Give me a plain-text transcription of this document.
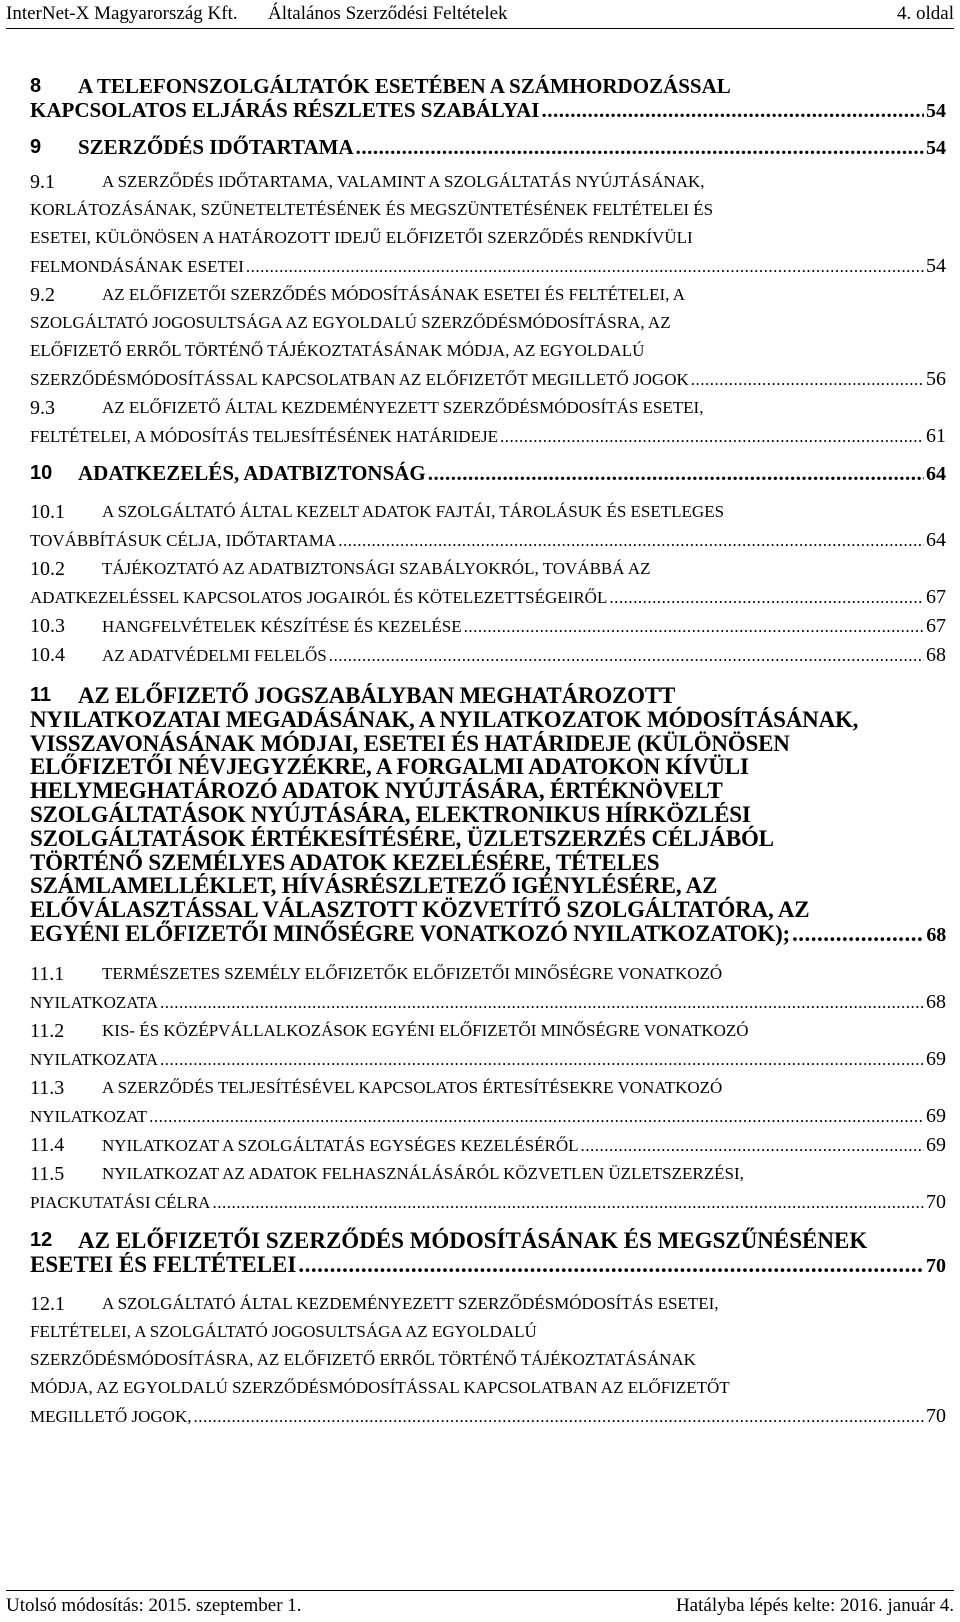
InterNet-X Magyarország Kft. Általános Szerződési Feltételek	4. oldal
8 A TELEFONSZOLGÁLTATÓK ESETÉBEN A SZÁMHORDOZÁSSAL
KAPCSOLATOS ELJÁRÁS RÉSZLETES SZABÁLYAI .....	54
9 SZERZŐDÉS IDŐTARTAMA .....	54
9.1	A SZERZŐDÉS IDŐTARTAMA, VALAMINT A SZOLGÁLTATÁS NYÚJTÁSÁNAK,
KORLÁTOZÁSÁNAK, SZÜNETELTETÉSÉNEK ÉS MEGSZÜNTETÉSÉNEK FELTÉTELEI ÉS
ESETEI, KÜLÖNÖSEN A HATÁROZOTT IDEJŰ ELŐFIZETŐI SZERZŐDÉS RENDKÍVÜLI
FELMONDÁSÁNAK ESETEI .....	54
9.2	AZ ELŐFIZETŐI SZERZŐDÉS MÓDOSÍTÁSÁNAK ESETEI ÉS FELTÉTELEI, A
SZOLGÁLTATÓ JOGOSULTSÁGA AZ EGYOLDALÚ SZERZŐDÉSMÓDOSÍTÁSRA, AZ
ELŐFIZETŐ ERRŐL TÖRTÉNŐ TÁJÉKOZTATÁSÁNAK MÓDJA, AZ EGYOLDALÚ
SZERZŐDÉSMÓDOSÍTÁSSAL KAPCSOLATBAN AZ ELŐFIZETŐT MEGILLETŐ JOGOK .....	56
9.3	AZ ELŐFIZETŐ ÁLTAL KEZDEMÉNYEZETT SZERZŐDÉSMÓDOSÍTÁS ESETEI,
FELTÉTELEI, A MÓDOSÍTÁS TELJESÍTÉSÉNEK HATÁRIDEJE .....	61
10 ADATKEZELÉS, ADATBIZTONSÁG .....	64
10.1	A SZOLGÁLTATÓ ÁLTAL KEZELT ADATOK FAJTÁI, TÁROLÁSUK ÉS ESETLEGES
TOVÁBBÍTÁSUK CÉLJA, IDŐTARTAMA .....	64
10.2	TÁJÉKOZTATÓ AZ ADATBIZTONSÁGI SZABÁLYOKRÓL, TOVÁBBÁ AZ
ADATKEZELÉSSEL KAPCSOLATOS JOGAIRÓL ÉS KÖTELEZETTSÉGEIRŐL .....	67
10.3 HANGFELVÉTELEK KÉSZÍTÉSE ÉS KEZELÉSE .....	67
10.4 AZ ADATVÉDELMI FELELŐS .....	68
11	AZ ELŐFIZETŐ JOGSZABÁLYBAN MEGHATÁROZOTT
NYILATKOZATAI MEGADÁSÁNAK, A NYILATKOZATOK MÓDOSÍTÁSÁNAK,
VISSZAVONÁSÁNAK MÓDJAI, ESETEI ÉS HATÁRIDEJE (KÜLÖNÖSEN
ELŐFIZETŐI NÉVJEGYZÉKRE, A FORGALMI ADATOKON KÍVÜLI
HELYMEGHATÁROZÓ ADATOK NYÚJTÁSÁRA, ÉRTÉKNÖVELT
SZOLGÁLTATÁSOK NYÚJTÁSÁRA, ELEKTRONIKUS HÍRKÖZLÉSI
SZOLGÁLTATÁSOK ÉRTÉKESÍTÉSÉRE, ÜZLETSZERZÉS CÉLJÁBÓL
TÖRTÉNŐ SZEMÉLYES ADATOK KEZELÉSÉRE, TÉTELES
SZÁMLAMELLÉKLET, HÍVÁSRÉSZLETEZŐ IGÉNYLÉSÉRE, AZ
ELŐVÁLASZTÁSSAL VÁLASZTOTT KÖZVETÍTŐ SZOLGÁLTATÓRA, AZ
EGYÉNI ELŐFIZETŐI MINŐSÉGRE VONATKOZÓ NYILATKOZATOK); .....	68
11.1	TERMÉSZETES SZEMÉLY ELŐFIZETŐK ELŐFIZETŐI MINŐSÉGRE VONATKOZÓ
NYILATKOZATA .....	68
11.2	KIS- ÉS KÖZÉPVÁLLALKOZÁSOK EGYÉNI ELŐFIZETŐI MINŐSÉGRE VONATKOZÓ
NYILATKOZATA .....	69
11.3	A SZERZŐDÉS TELJESÍTÉSÉVEL KAPCSOLATOS ÉRTESÍTÉSEKRE VONATKOZÓ
NYILATKOZAT .....	69
11.4 NYILATKOZAT A SZOLGÁLTATÁS EGYSÉGES KEZELÉSÉRŐL .....	69
11.5	NYILATKOZAT AZ ADATOK FELHASZNÁLÁSÁRÓL KÖZVETLEN ÜZLETSZERZÉSI,
PIACKUTATÁSI CÉLRA .....	70
12	AZ ELŐFIZETŐI SZERZŐDÉS MÓDOSÍTÁSÁNAK ÉS MEGSZŰNÉSÉNEK
ESETEI ÉS FELTÉTELEI .....	70
12.1	A SZOLGÁLTATÓ ÁLTAL KEZDEMÉNYEZETT SZERZŐDÉSMÓDOSÍTÁS ESETEI,
FELTÉTELEI, A SZOLGÁLTATÓ JOGOSULTSÁGA AZ EGYOLDALÚ
SZERZŐDÉSMÓDOSÍTÁSRA, AZ ELŐFIZETŐ ERRŐL TÖRTÉNŐ TÁJÉKOZTATÁSÁNAK
MÓDJA, AZ EGYOLDALÚ SZERZŐDÉSMÓDOSÍTÁSSAL KAPCSOLATBAN AZ ELŐFIZETŐT
MEGILLETŐ JOGOK, .....	70
Utolsó módosítás: 2015. szeptember 1.	Hatályba lépés kelte: 2016. január 4.
